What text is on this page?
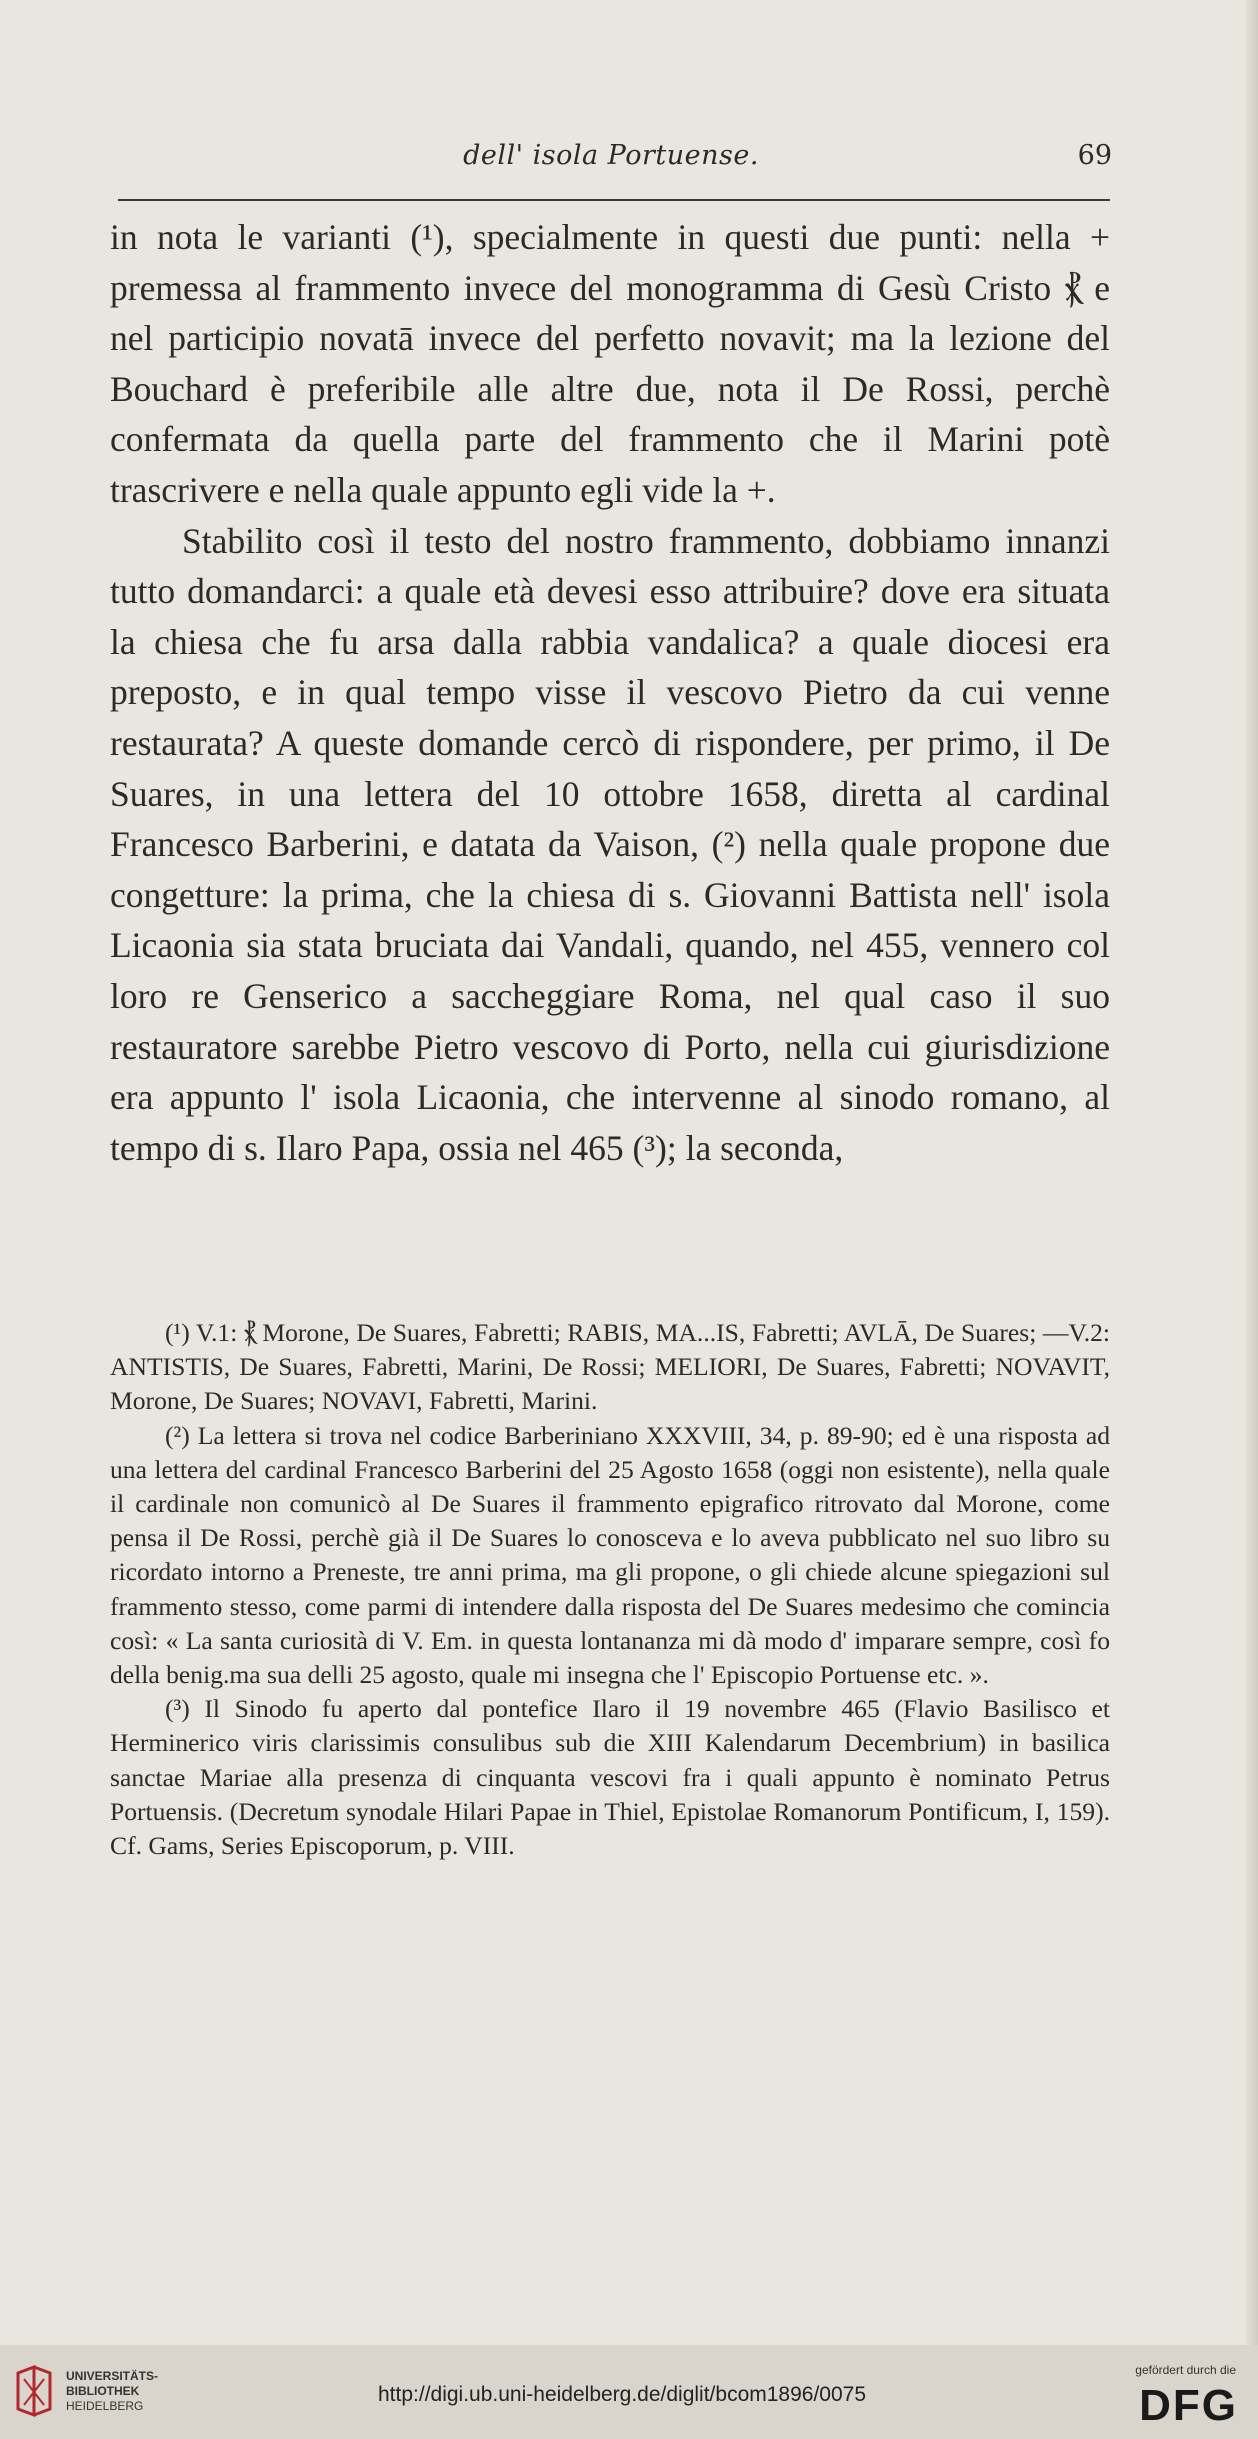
dell' isola Portuense.	69

in nota le varianti (¹), specialmente in questi due punti: nella + premessa al frammento invece del monogramma di Gesù Cristo ⳩ e nel participio novatā invece del perfetto novavit; ma la lezione del Bouchard è preferibile alle altre due, nota il De Rossi, perchè confermata da quella parte del frammento che il Marini potè trascrivere e nella quale appunto egli vide la +.

Stabilito così il testo del nostro frammento, dobbiamo innanzi tutto domandarci: a quale età devesi esso attribuire? dove era situata la chiesa che fu arsa dalla rabbia vandalica? a quale diocesi era preposto, e in qual tempo visse il vescovo Pietro da cui venne restaurata? A queste domande cercò di rispondere, per primo, il De Suares, in una lettera del 10 ottobre 1658, diretta al cardinal Francesco Barberini, e datata da Vaison, (²) nella quale propone due congetture: la prima, che la chiesa di s. Giovanni Battista nell' isola Licaonia sia stata bruciata dai Vandali, quando, nel 455, vennero col loro re Genserico a saccheggiare Roma, nel qual caso il suo restauratore sarebbe Pietro vescovo di Porto, nella cui giurisdizione era appunto l' isola Licaonia, che intervenne al sinodo romano, al tempo di s. Ilaro Papa, ossia nel 465 (³); la seconda,

(¹) V.1: ⳩ Morone, De Suares, Fabretti; RABIS, MA...IS, Fabretti; AVLĀ, De Suares; —V.2: ANTISTIS, De Suares, Fabretti, Marini, De Rossi; MELIORI, De Suares, Fabretti; NOVAVIT, Morone, De Suares; NOVAVI, Fabretti, Marini.

(²) La lettera si trova nel codice Barberiniano XXXVIII, 34, p. 89-90; ed è una risposta ad una lettera del cardinal Francesco Barberini del 25 Agosto 1658 (oggi non esistente), nella quale il cardinale non comunicò al De Suares il frammento epigrafico ritrovato dal Morone, come pensa il De Rossi, perchè già il De Suares lo conosceva e lo aveva pubblicato nel suo libro su ricordato intorno a Preneste, tre anni prima, ma gli propone, o gli chiede alcune spiegazioni sul frammento stesso, come parmi di intendere dalla risposta del De Suares medesimo che comincia così: « La santa curiosità di V. Em. in questa lontananza mi dà modo d' imparare sempre, così fo della benig.ma sua delli 25 agosto, quale mi insegna che l' Episcopio Portuense etc. ».

(³) Il Sinodo fu aperto dal pontefice Ilaro il 19 novembre 465 (Flavio Basilisco et Herminerico viris clarissimis consulibus sub die XIII Kalendarum Decembrium) in basilica sanctae Mariae alla presenza di cinquanta vescovi fra i quali appunto è nominato Petrus Portuensis. (Decretum synodale Hilari Papae in Thiel, Epistolae Romanorum Pontificum, I, 159). Cf. Gams, Series Episcoporum, p. VIII.

UNIVERSITÄTS-
BIBLIOTHEK
HEIDELBERG	http://digi.ub.uni-heidelberg.de/diglit/bcom1896/0075
gefördert durch die
DFG
